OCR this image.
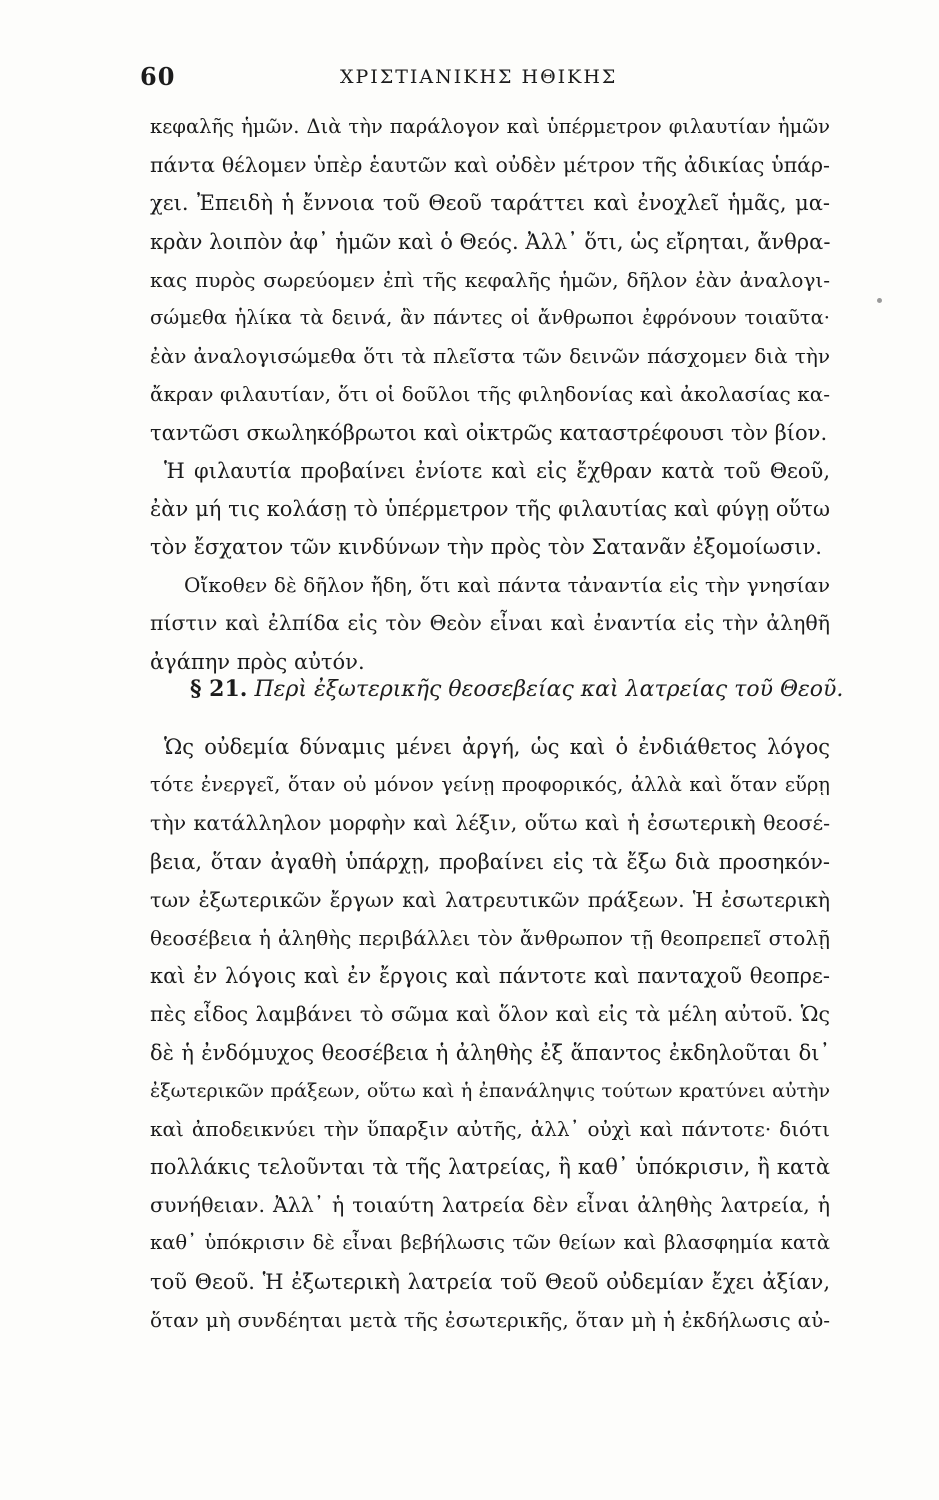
60	ΧΡΙΣΤΙΑΝΙΚΗΣ ΗΘΙΚΗΣ
κεφαλῆς ἡμῶν. Διὰ τὴν παράλογον καὶ ὑπέρμετρον φιλαυτίαν ἡμῶν
πάντα θέλομεν ὑπὲρ ἑαυτῶν καὶ οὐδὲν μέτρον τῆς ἀδικίας ὑπάρ-
χει. Ἐπειδὴ ἡ ἔννοια τοῦ Θεοῦ ταράττει καὶ ἐνοχλεῖ ἡμᾶς, μα-
κρὰν λοιπὸν ἀφ᾽ ἡμῶν καὶ ὁ Θεός. Ἀλλ᾽ ὅτι, ὡς εἴρηται, ἄνθρα-
κας πυρὸς σωρεύομεν ἐπὶ τῆς κεφαλῆς ἡμῶν, δῆλον ἐὰν ἀναλογι-
σώμεθα ἡλίκα τὰ δεινά, ἂν πάντες οἱ ἄνθρωποι ἐφρόνουν τοιαῦτα·
ἐὰν ἀναλογισώμεθα ὅτι τὰ πλεῖστα τῶν δεινῶν πάσχομεν διὰ τὴν
ἄκραν φιλαυτίαν, ὅτι οἱ δοῦλοι τῆς φιληδονίας καὶ ἀκολασίας κα-
ταντῶσι σκωληκόβρωτοι καὶ οἰκτρῶς καταστρέφουσι τὸν βίον.
Ἡ φιλαυτία προβαίνει ἐνίοτε καὶ εἰς ἔχθραν κατὰ τοῦ Θεοῦ,
ἐὰν μή τις κολάσῃ τὸ ὑπέρμετρον τῆς φιλαυτίας καὶ φύγῃ οὕτω
τὸν ἔσχατον τῶν κινδύνων τὴν πρὸς τὸν Σατανᾶν ἐξομοίωσιν.
Οἴκοθεν δὲ δῆλον ἤδη, ὅτι καὶ πάντα τἀναντία εἰς τὴν γνησίαν
πίστιν καὶ ἐλπίδα εἰς τὸν Θεὸν εἶναι καὶ ἐναντία εἰς τὴν ἀληθῆ
ἀγάπην πρὸς αὐτόν.
§ 21. Περὶ ἐξωτερικῆς θεοσεβείας καὶ λατρείας τοῦ Θεοῦ.
Ὡς οὐδεμία δύναμις μένει ἀργή, ὡς καὶ ὁ ἐνδιάθετος λόγος
τότε ἐνεργεῖ, ὅταν οὐ μόνον γείνῃ προφορικός, ἀλλὰ καὶ ὅταν εὕρῃ
τὴν κατάλληλον μορφὴν καὶ λέξιν, οὕτω καὶ ἡ ἐσωτερικὴ θεοσέ-
βεια, ὅταν ἀγαθὴ ὑπάρχῃ, προβαίνει εἰς τὰ ἔξω διὰ προσηκόν-
των ἐξωτερικῶν ἔργων καὶ λατρευτικῶν πράξεων. Ἡ ἐσωτερικὴ
θεοσέβεια ἡ ἀληθὴς περιβάλλει τὸν ἄνθρωπον τῇ θεοπρεπεῖ στολῇ
καὶ ἐν λόγοις καὶ ἐν ἔργοις καὶ πάντοτε καὶ πανταχοῦ θεοπρε-
πὲς εἶδος λαμβάνει τὸ σῶμα καὶ ὅλον καὶ εἰς τὰ μέλη αὐτοῦ. Ὡς
δὲ ἡ ἐνδόμυχος θεοσέβεια ἡ ἀληθὴς ἐξ ἅπαντος ἐκδηλοῦται δι᾽
ἐξωτερικῶν πράξεων, οὕτω καὶ ἡ ἐπανάληψις τούτων κρατύνει αὐτὴν
καὶ ἀποδεικνύει τὴν ὕπαρξιν αὐτῆς, ἀλλ᾽ οὐχὶ καὶ πάντοτε· διότι
πολλάκις τελοῦνται τὰ τῆς λατρείας, ἢ καθ᾽ ὑπόκρισιν, ἢ κατὰ
συνήθειαν. Ἀλλ᾽ ἡ τοιαύτη λατρεία δὲν εἶναι ἀληθὴς λατρεία, ἡ
καθ᾽ ὑπόκρισιν δὲ εἶναι βεβήλωσις τῶν θείων καὶ βλασφημία κατὰ
τοῦ Θεοῦ. Ἡ ἐξωτερικὴ λατρεία τοῦ Θεοῦ οὐδεμίαν ἔχει ἀξίαν,
ὅταν μὴ συνδέηται μετὰ τῆς ἐσωτερικῆς, ὅταν μὴ ἡ ἐκδήλωσις αὐ-
